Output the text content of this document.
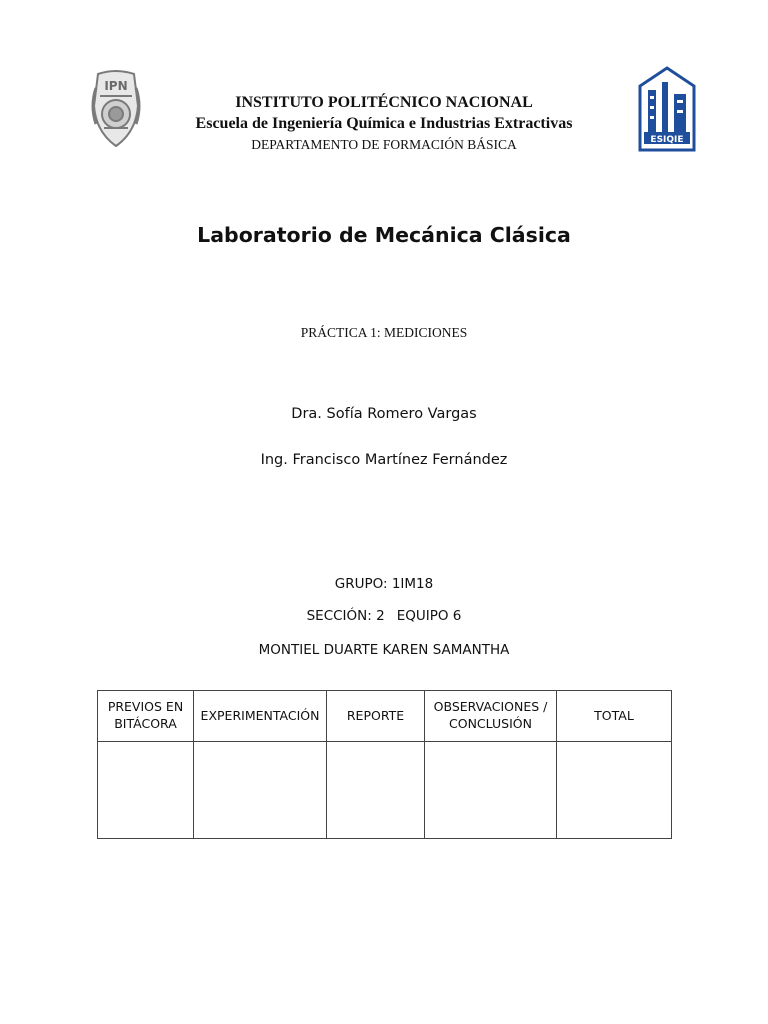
IPN
INSTITUTO POLITÉCNICO NACIONAL
Escuela de Ingeniería Química e Industrias Extractivas
DEPARTAMENTO DE FORMACIÓN BÁSICA	ESIQIE
Laboratorio de Mecánica Clásica
PRÁCTICA 1: MEDICIONES
Dra. Sofía Romero Vargas
Ing. Francisco Martínez Fernández
GRUPO: 1IM18
SECCIÓN: 2 EQUIPO 6
MONTIEL DUARTE KAREN SAMANTHA
PREVIOS EN BITÁCORA	EXPERIMENTACIÓN	REPORTE	OBSERVACIONES / CONCLUSIÓN	TOTAL
